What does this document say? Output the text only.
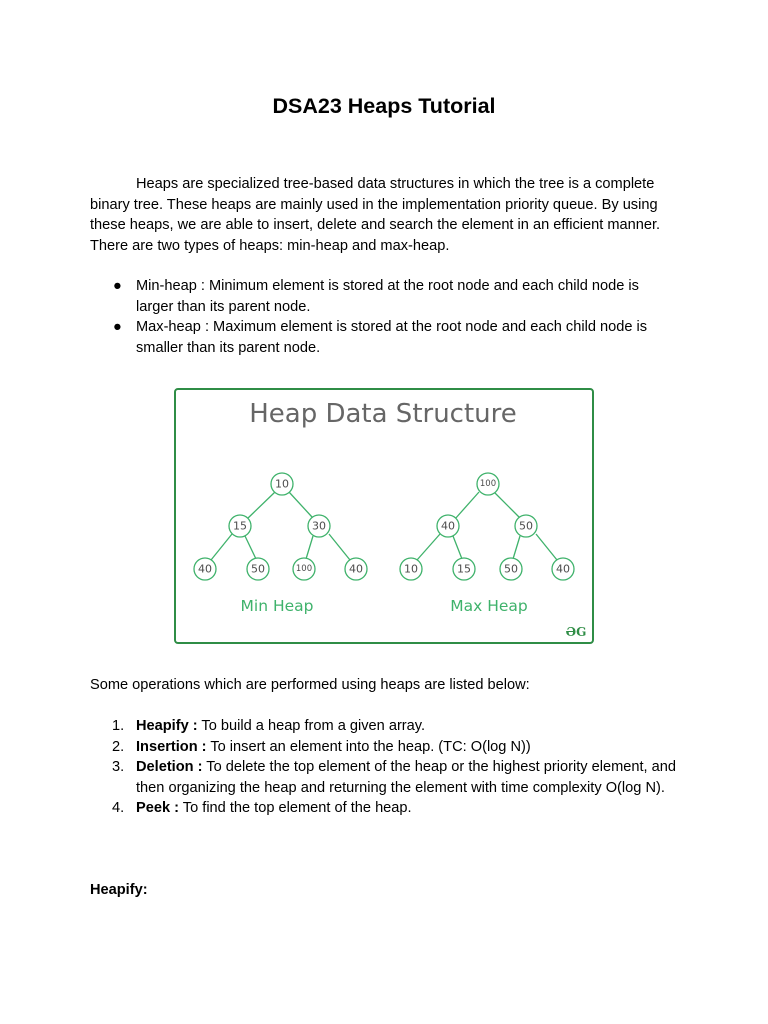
DSA23 Heaps Tutorial

Heaps are specialized tree-based data structures in which the tree is a complete binary tree. These heaps are mainly used in the implementation priority queue. By using these heaps, we are able to insert, delete and search the element in an efficient manner. There are two types of heaps: min-heap and max-heap.

● Min-heap : Minimum element is stored at the root node and each child node is larger than its parent node.
● Max-heap : Maximum element is stored at the root node and each child node is smaller than its parent node.
Heap Data Structure
10
15	30
40	50	100	40
100
40	50
10	15	50	40
Min Heap	Max Heap
ƏG

Some operations which are performed using heaps are listed below:

1. Heapify : To build a heap from a given array.
2. Insertion : To insert an element into the heap. (TC: O(log N))
3. Deletion : To delete the top element of the heap or the highest priority element, and then organizing the heap and returning the element with time complexity O(log N).
4. Peek : To find the top element of the heap.

Heapify:
